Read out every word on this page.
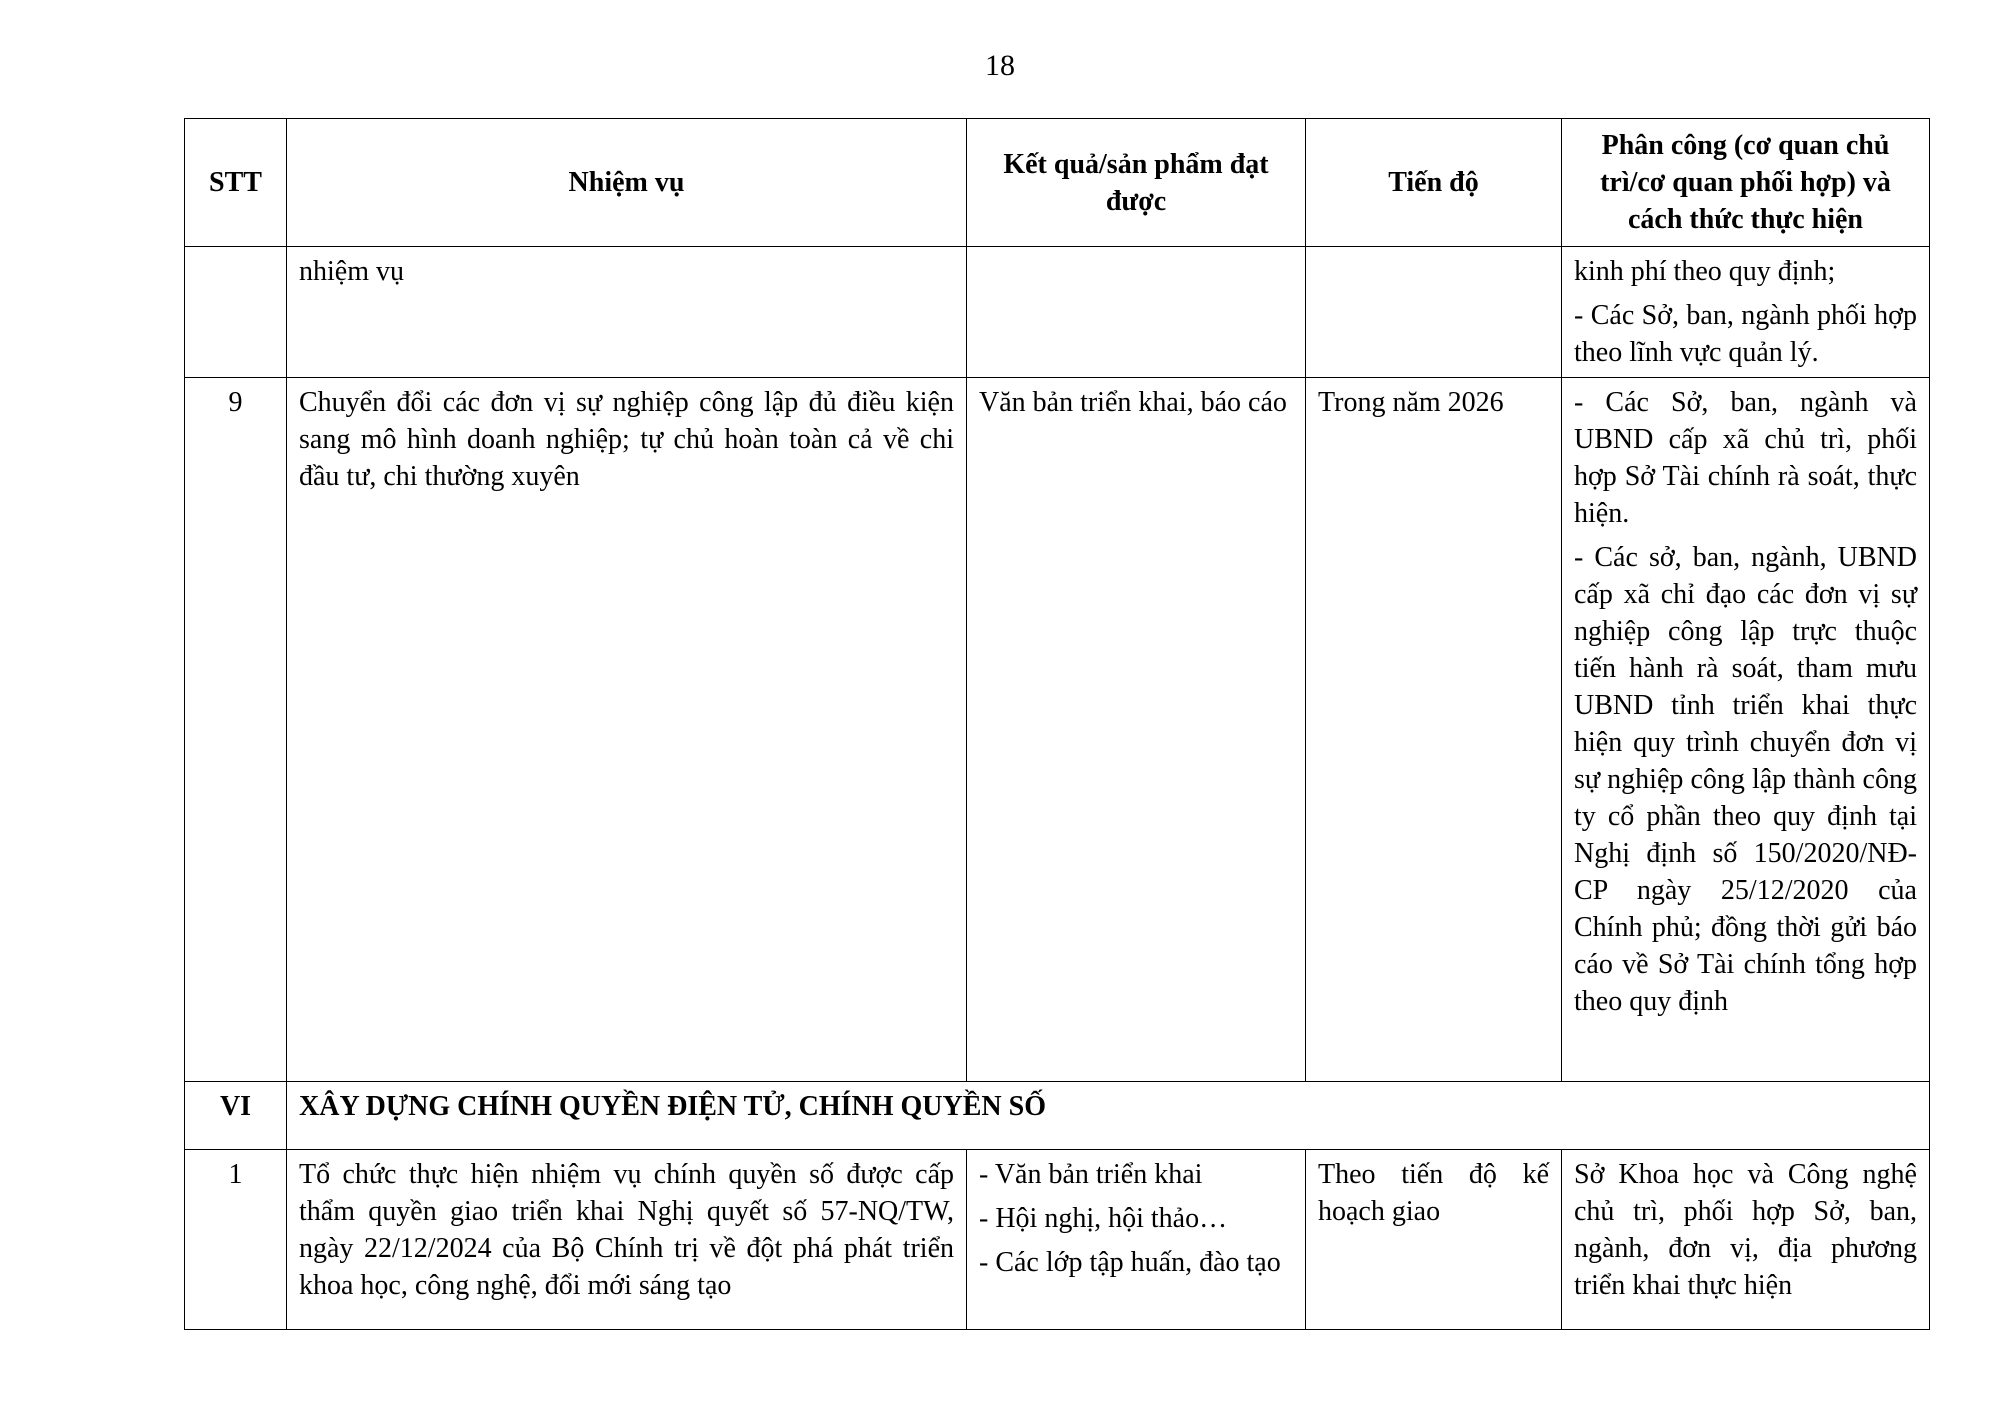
18
STT	Nhiệm vụ	Kết quả/sản phẩm đạt được	Tiến độ	Phân công (cơ quan chủ trì/cơ quan phối hợp) và cách thức thực hiện
	nhiệm vụ			kinh phí theo quy định;

- Các Sở, ban, ngành phối hợp theo lĩnh vực quản lý.

9	Chuyển đổi các đơn vị sự nghiệp công lập đủ điều kiện sang mô hình doanh nghiệp; tự chủ hoàn toàn cả về chi đầu tư, chi thường xuyên	Văn bản triển khai, báo cáo	Trong năm 2026	- Các Sở, ban, ngành và UBND cấp xã chủ trì, phối hợp Sở Tài chính rà soát, thực hiện.

- Các sở, ban, ngành, UBND cấp xã chỉ đạo các đơn vị sự nghiệp công lập trực thuộc tiến hành rà soát, tham mưu UBND tỉnh triển khai thực hiện quy trình chuyển đơn vị sự nghiệp công lập thành công ty cổ phần theo quy định tại Nghị định số 150/2020/NĐ-CP ngày 25/12/2020 của Chính phủ; đồng thời gửi báo cáo về Sở Tài chính tổng hợp theo quy định

VI	XÂY DỰNG CHÍNH QUYỀN ĐIỆN TỬ, CHÍNH QUYỀN SỐ			
1	Tổ chức thực hiện nhiệm vụ chính quyền số được cấp thẩm quyền giao triển khai Nghị quyết số 57-NQ/TW, ngày 22/12/2024 của Bộ Chính trị về đột phá phát triển khoa học, công nghệ, đổi mới sáng tạo	- Văn bản triển khai

- Hội nghị, hội thảo…

- Các lớp tập huấn, đào tạo	Theo tiến độ kế hoạch giao	Sở Khoa học và Công nghệ chủ trì, phối hợp Sở, ban, ngành, đơn vị, địa phương triển khai thực hiện
